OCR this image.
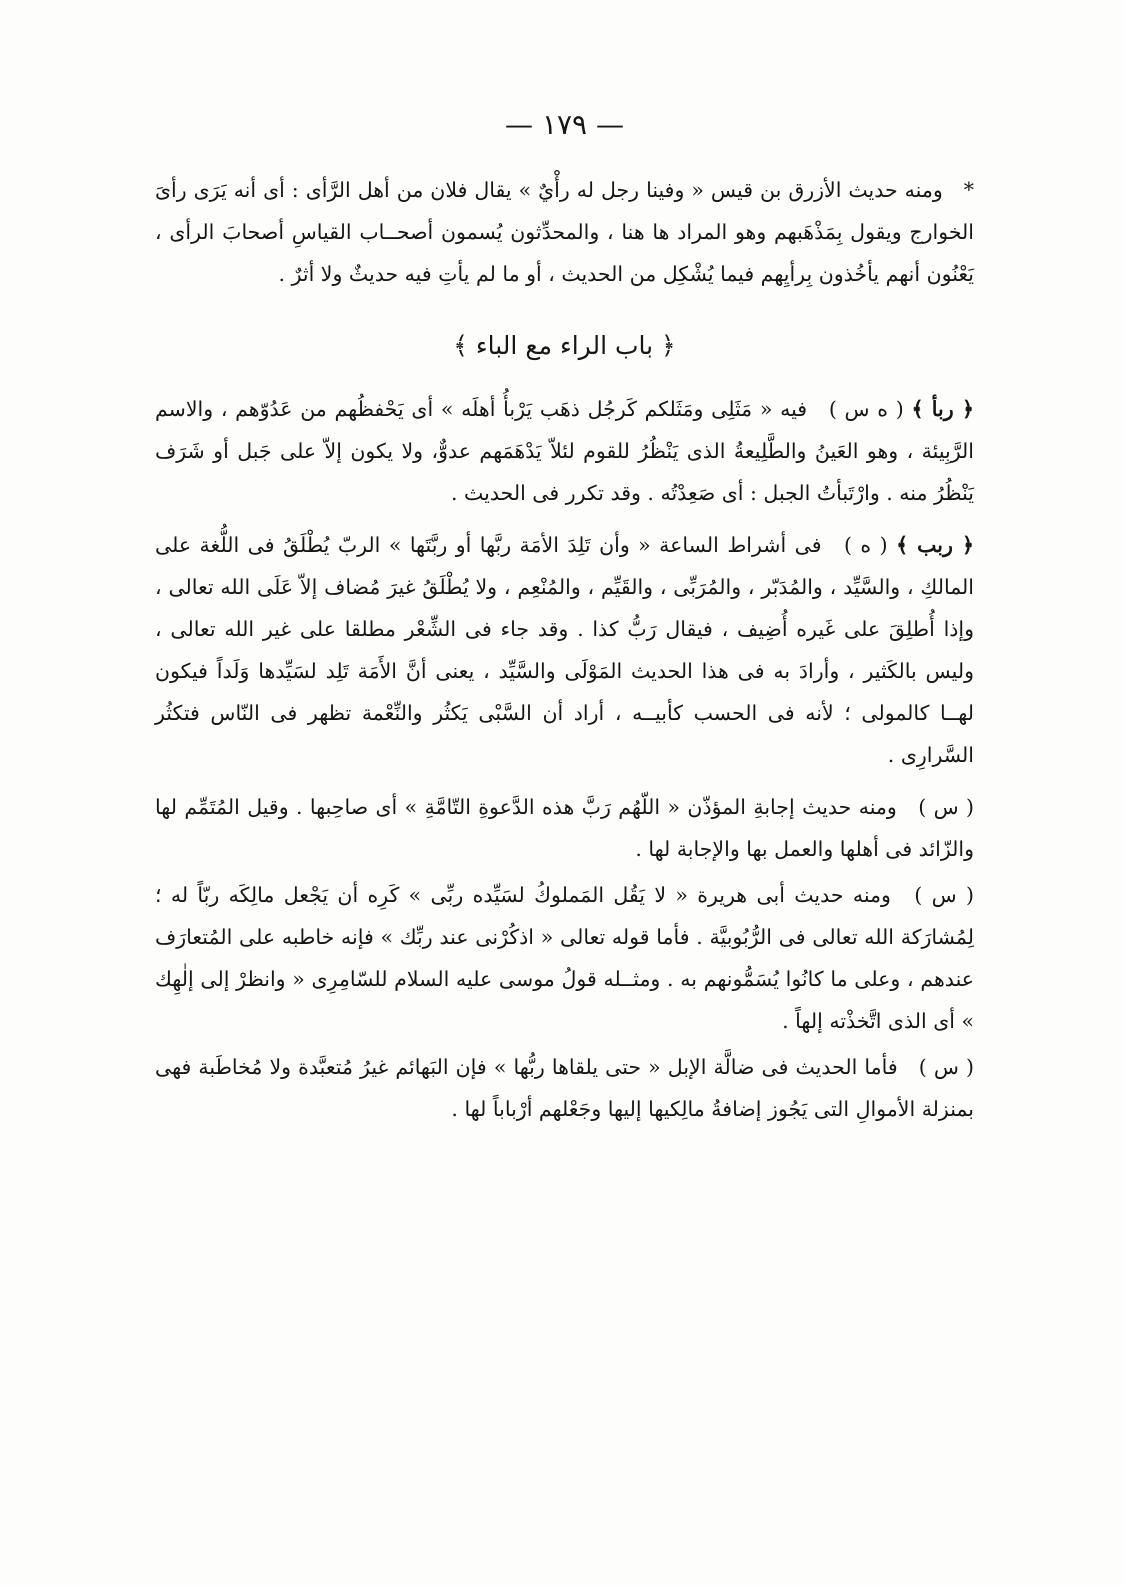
— ١٧٩ —

* ومنه حديث الأزرق بن قيس « وفينا رجل له رأْيٌ » يقال فلان من أهل الرَّأى : أى أنه يَرَى رأىَ الخوارج ويقول بِمَذْهَبهم وهو المراد ها هنا ، والمحدِّثون يُسمون أصحــاب القياسِ أصحابَ الرأى ، يَعْنُون أنهم يأخُذون بِرأيِهم فيما يُشْكِل من الحديث ، أو ما لم يأتِ فيه حديثٌ ولا أثرٌ .

﴿ باب الراء مع الباء ﴾

﴿ ربأ ﴾ ( ه س ) فيه « مَثَلِى ومَثَلكم كَرجُل ذهَب يَرْبأُ أهلَه » أى يَحْفظُهم من عَدُوّهم ، والاسم الرَّبِيئة ، وهو العَينُ والطَّلِيعةُ الذى يَنْظُرُ للقوم لئلاّ يَدْهَمَهم عدوٌّ، ولا يكون إلاّ على جَبل أو شَرَف يَنْظُرُ منه . وارْتَبأتُ الجبل : أى صَعِدْتُه . وقد تكرر فى الحديث .

﴿ ربب ﴾ ( ه ) فى أشراط الساعة « وأن تَلِدَ الأمَة ربَّها أو ربَّتَها » الربّ يُطْلَقُ فى اللُّغة على المالكِ ، والسَّيِّد ، والمُدَبّر ، والمُرَبِّى ، والقَيِّم ، والمُنْعِم ، ولا يُطْلَقُ غيرَ مُضاف إلاّ عَلَى الله تعالى ، وإذا أُطلِقَ على غَيره أُضِيف ، فيقال رَبُّ كذا . وقد جاء فى الشِّعْر مطلقا على غير الله تعالى ، وليس بالكَثير ، وأرادَ به فى هذا الحديث المَوْلَى والسَّيِّد ، يعنى أنَّ الأَمَة تَلِد لسَيِّدها وَلَداً فيكون لهــا كالمولى ؛ لأنه فى الحسب كأبيــه ، أراد أن السَّبْى يَكثُر والنِّعْمة تظهر فى النّاس فتكثُر السَّرارِى .

( س ) ومنه حديث إجابةِ المؤذّن « اللّهُم رَبَّ هذه الدَّعوةِ التّامَّةِ » أى صاحِبها . وقيل المُتَمِّم لها والزّائد فى أهلها والعمل بها والإجابة لها .

( س ) ومنه حديث أبى هريرة « لا يَقُل المَملوكُ لسَيِّده ربِّى » كَرِه أن يَجْعل مالِكَه ربّاً له ؛ لِمُشارَكة الله تعالى فى الرُّبُوبيَّة . فأما قوله تعالى « اذكُرْنى عند ربِّك » فإنه خاطبه على المُتعارَف عندهم ، وعلى ما كانُوا يُسَمُّونهم به . ومثــله قولُ موسى عليه السلام للسّامِرِى « وانظرْ إلى إلٰهِك » أى الذى اتَّخذْته إلهاً .

( س ) فأما الحديث فى ضالَّة الإبل « حتى يلقاها ربُّها » فإن البَهائم غيرُ مُتعبَّدة ولا مُخاطَبة فهى بمنزلة الأموالِ التى يَجُوز إضافةُ مالِكيها إليها وجَعْلهم أرْباباً لها .
